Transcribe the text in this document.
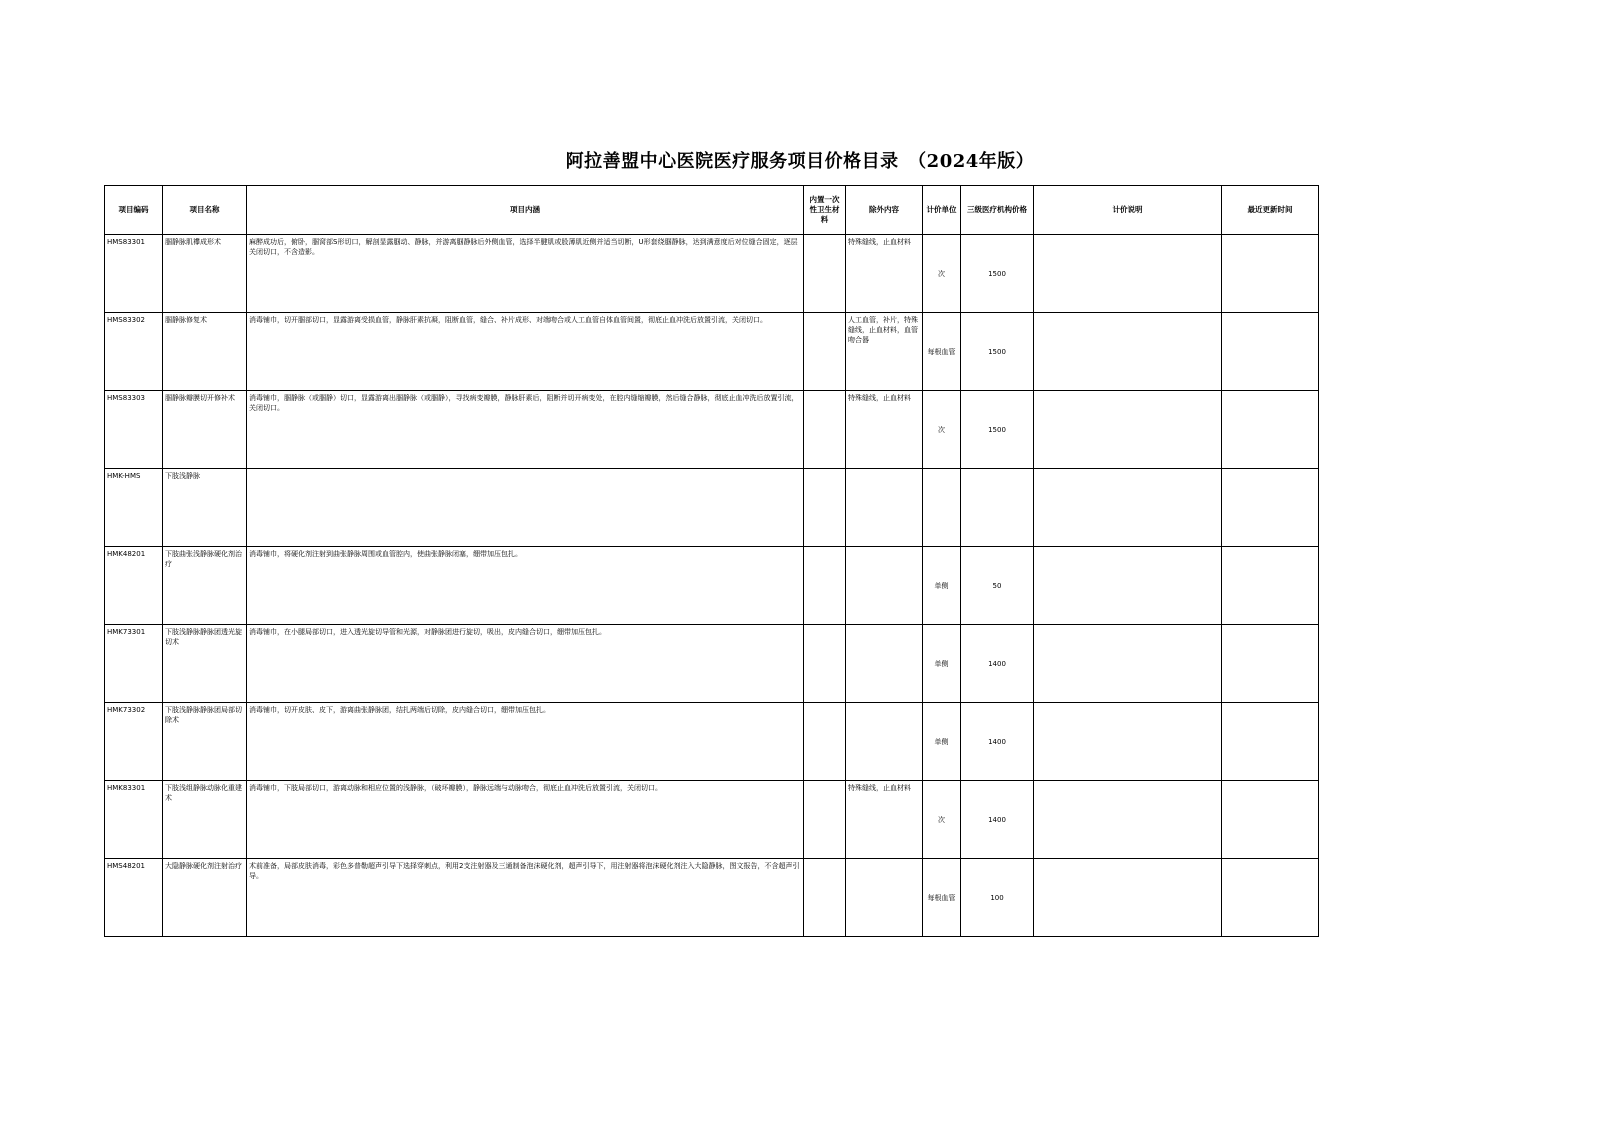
阿拉善盟中心医院医疗服务项目价格目录　（2024年版）
项目编码	项目名称	项目内涵	内置一次性卫生材料	除外内容	计价单位	三级医疗机构价格	计价说明	最近更新时间
HMS83301	腘静脉肌襻成形术	麻醉成功后，俯卧，腘窝部S形切口，解剖显露腘动、静脉，并游离腘静脉后外侧血管，选择半腱肌或股薄肌近侧并适当切断，U形套绕腘静脉，达到满意度后对位缝合固定，逐层关闭切口，不含造影。		特殊缝线，止血材料	次	1500		
HMS83302	腘静脉修复术	消毒铺巾，切开腘部切口，显露游离受损血管，静脉肝素抗凝，阻断血管，缝合、补片成形、对端吻合或人工血管自体血管间置，彻底止血冲洗后放置引流，关闭切口。		人工血管，补片，特殊缝线，止血材料，血管吻合器	每根血管	1500		
HMS83303	腘静脉瓣膜切开修补术	消毒铺巾，腘静脉（或腘静）切口，显露游离出腘静脉（或腘静），寻找病变瓣膜，静脉肝素后，阻断并切开病变处，在腔内缝缩瓣膜，然后缝合静脉，彻底止血冲洗后放置引流，关闭切口。		特殊缝线，止血材料	次	1500		
HMK-HMS	下肢浅静脉							
HMK48201	下肢曲张浅静脉硬化剂治疗	消毒铺巾，将硬化剂注射到曲张静脉周围或血管腔内，使曲张静脉闭塞，绷带加压包扎。			单侧	50		
HMK73301	下肢浅静脉静脉团透光旋切术	消毒铺巾，在小腿局部切口，进入透光旋切导管和光源，对静脉团进行旋切，吸出，皮内缝合切口，绷带加压包扎。			单侧	1400		
HMK73302	下肢浅静脉静脉团局部切除术	消毒铺巾，切开皮肤、皮下，游离曲张静脉团，结扎两端后切除，皮内缝合切口，绷带加压包扎。			单侧	1400		
HMK83301	下肢浅组静脉动脉化重建术	消毒铺巾，下肢局部切口，游离动脉和相应位置的浅静脉，（破坏瓣膜），静脉远端与动脉吻合，彻底止血冲洗后放置引流，关闭切口。		特殊缝线，止血材料	次	1400		
HMS48201	大隐静脉硬化剂注射治疗	术前准备，局部皮肤消毒，彩色多普勒超声引导下选择穿刺点，利用2支注射器及三通制备泡沫硬化剂，超声引导下，用注射器将泡沫硬化剂注入大隐静脉，图文报告，不含超声引导。			每根血管	100		
